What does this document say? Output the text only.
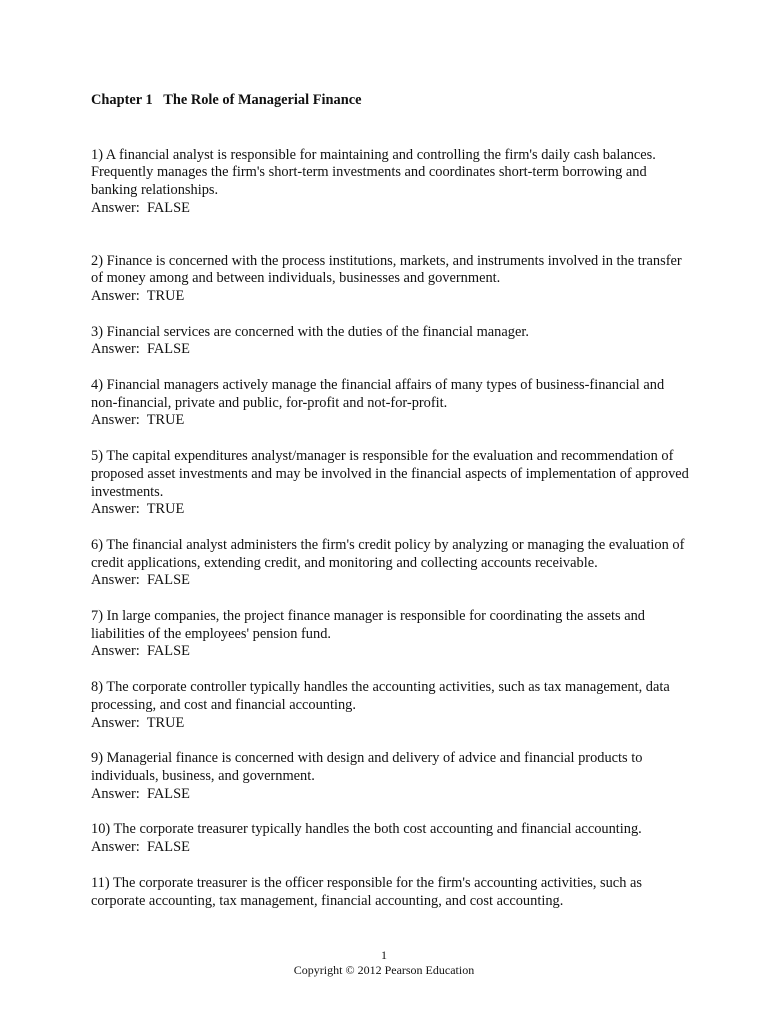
Chapter 1   The Role of Managerial Finance
1) A financial analyst is responsible for maintaining and controlling the firm's daily cash balances. Frequently manages the firm's short-term investments and coordinates short-term borrowing and banking relationships.
Answer:  FALSE
2) Finance is concerned with the process institutions, markets, and instruments involved in the transfer of money among and between individuals, businesses and government.
Answer:  TRUE
3) Financial services are concerned with the duties of the financial manager.
Answer:  FALSE
4) Financial managers actively manage the financial affairs of many types of business-financial and non-financial, private and public, for-profit and not-for-profit.
Answer:  TRUE
5) The capital expenditures analyst/manager is responsible for the evaluation and recommendation of proposed asset investments and may be involved in the financial aspects of implementation of approved investments.
Answer:  TRUE
6) The financial analyst administers the firm's credit policy by analyzing or managing the evaluation of credit applications, extending credit, and monitoring and collecting accounts receivable.
Answer:  FALSE
7) In large companies, the project finance manager is responsible for coordinating the assets and liabilities of the employees' pension fund.
Answer:  FALSE
8) The corporate controller typically handles the accounting activities, such as tax management, data processing, and cost and financial accounting.
Answer:  TRUE
9) Managerial finance is concerned with design and delivery of advice and financial products to individuals, business, and government.
Answer:  FALSE
10) The corporate treasurer typically handles the both cost accounting and financial accounting.
Answer:  FALSE
11) The corporate treasurer is the officer responsible for the firm's accounting activities, such as corporate accounting, tax management, financial accounting, and cost accounting.
1
Copyright © 2012 Pearson Education
